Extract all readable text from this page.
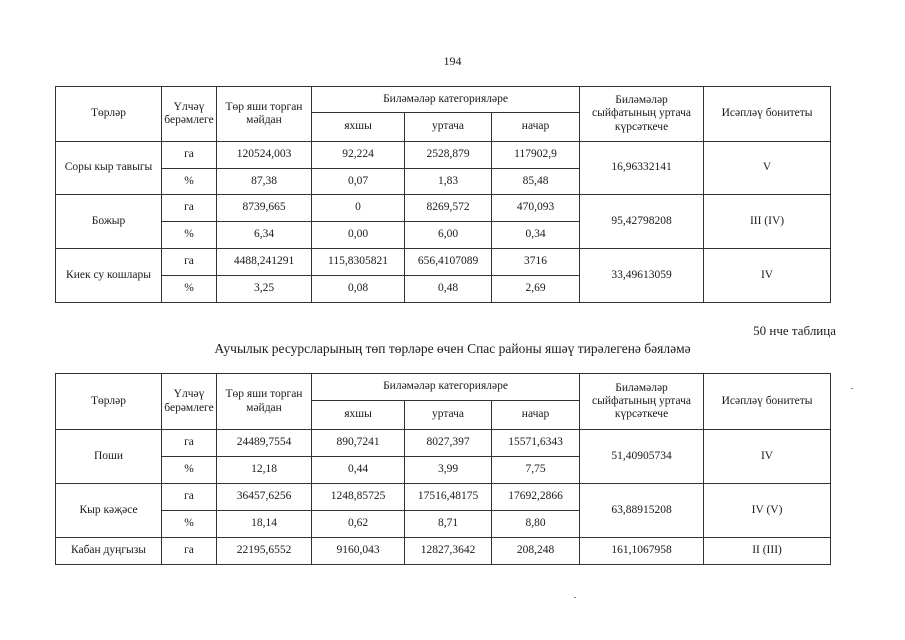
194
Төрләр	Үлчәү берәмлеге	Төр яши торган мәйдан	Биләмәләр категорияләре			Биләмәләр сыйфатының уртача күрсәткече	Исәпләү бонитеты
			яхшы	уртача	начар		
Соры кыр тавыгы	га	120524,003	92,224	2528,879	117902,9	16,96332141	V
	%	87,38	0,07	1,83	85,48		
Божыр	га	8739,665	0	8269,572	470,093	95,42798208	III (IV)
	%	6,34	0,00	6,00	0,34		
Киек су кошлары	га	4488,241291	115,8305821	656,4107089	3716	33,49613059	IV
	%	3,25	0,08	0,48	2,69		
50 нче таблица
Аучылык ресурсларының төп төрләре өчен Спас районы яшәү тирәлегенә бәяләмә
Төрләр	Үлчәү берәмлеге	Төр яши торган мәйдан	Биләмәләр категорияләре			Биләмәләр сыйфатының уртача күрсәткече	Исәпләү бонитеты
			яхшы	уртача	начар		
Поши	га	24489,7554	890,7241	8027,397	15571,6343	51,40905734	IV
	%	12,18	0,44	3,99	7,75		
Кыр кәҗәсе	га	36457,6256	1248,85725	17516,48175	17692,2866	63,88915208	IV (V)
	%	18,14	0,62	8,71	8,80		
Кабан дуңгызы	га	22195,6552	9160,043	12827,3642	208,248	161,1067958	II (III)
